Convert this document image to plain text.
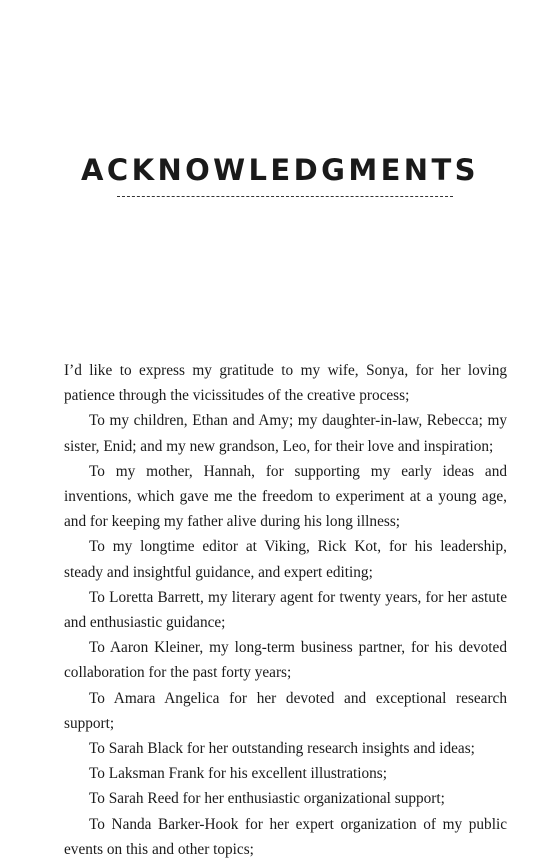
ACKNOWLEDGMENTS

I’d like to express my gratitude to my wife, Sonya, for her loving patience through the vicissitudes of the creative process;

To my children, Ethan and Amy; my daughter-in-law, Rebecca; my sister, Enid; and my new grandson, Leo, for their love and inspiration;

To my mother, Hannah, for supporting my early ideas and inventions, which gave me the freedom to experiment at a young age, and for keeping my father alive during his long illness;

To my longtime editor at Viking, Rick Kot, for his leadership, steady and insightful guidance, and expert editing;

To Loretta Barrett, my literary agent for twenty years, for her astute and enthusiastic guidance;

To Aaron Kleiner, my long-term business partner, for his devoted collaboration for the past forty years;

To Amara Angelica for her devoted and exceptional research support;

To Sarah Black for her outstanding research insights and ideas;

To Laksman Frank for his excellent illustrations;

To Sarah Reed for her enthusiastic organizational support;

To Nanda Barker-Hook for her expert organization of my public events on this and other topics;
